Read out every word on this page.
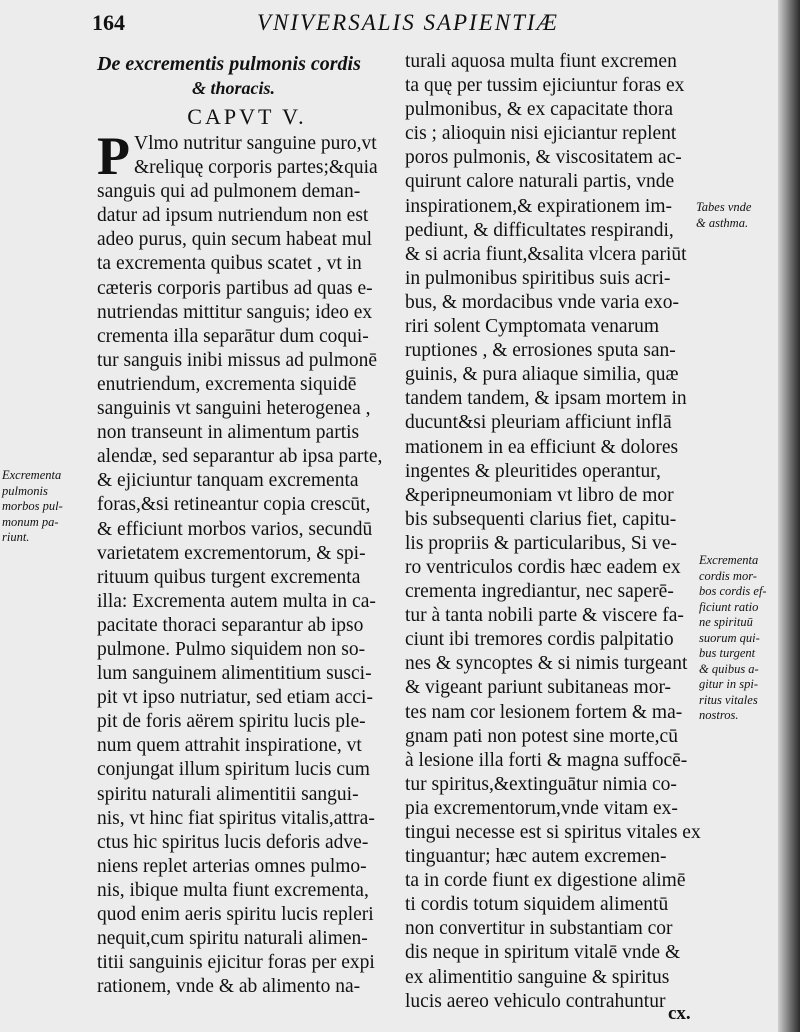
164	VNIVERSALIS SAPIENTIÆ
De excrementis pulmonis cordis
& thoracis.
CAPVT V.
P Vlmo nutritur sanguine puro,vt
&reliquę corporis partes;&quia
sanguis qui ad pulmonem deman-
datur ad ipsum nutriendum non est
adeo purus, quin secum habeat mul
ta excrementa quibus scatet , vt in
cæteris corporis partibus ad quas e-
nutriendas mittitur sanguis; ideo ex
crementa illa separātur dum coqui-
tur sanguis inibi missus ad pulmonē
enutriendum, excrementa siquidē
sanguinis vt sanguini heterogenea ,
non transeunt in alimentum partis
alendæ, sed separantur ab ipsa parte,
& ejiciuntur tanquam excrementa
foras,&si retineantur copia crescūt,
& efficiunt morbos varios, secundū
varietatem excrementorum, & spi-
rituum quibus turgent excrementa
illa: Excrementa autem multa in ca-
pacitate thoraci separantur ab ipso
pulmone. Pulmo siquidem non so-
lum sanguinem alimentitium susci-
pit vt ipso nutriatur, sed etiam acci-
pit de foris aërem spiritu lucis ple-
num quem attrahit inspiratione, vt
conjungat illum spiritum lucis cum
spiritu naturali alimentitii sangui-
nis, vt hinc fiat spiritus vitalis,attra-
ctus hic spiritus lucis deforis adve-
niens replet arterias omnes pulmo-
nis, ibique multa fiunt excrementa,
quod enim aeris spiritu lucis repleri
nequit,cum spiritu naturali alimen-
titii sanguinis ejicitur foras per expi
rationem, vnde & ab alimento na-
turali aquosa multa fiunt excremen
ta quę per tussim ejiciuntur foras ex
pulmonibus, & ex capacitate thora
cis ; alioquin nisi ejiciantur replent
poros pulmonis, & viscositatem ac-
quirunt calore naturali partis, vnde
inspirationem,& expirationem im-
pediunt, & difficultates respirandi,
& si acria fiunt,&salita vlcera pariūt
in pulmonibus spiritibus suis acri-
bus, & mordacibus vnde varia exo-
riri solent Cymptomata venarum
ruptiones , & errosiones sputa san-
guinis, & pura aliaque similia, quæ
tandem tandem, & ipsam mortem in
ducunt&si pleuriam afficiunt inflā
mationem in ea efficiunt & dolores
ingentes & pleuritides operantur,
&peripneumoniam vt libro de mor
bis subsequenti clarius fiet, capitu-
lis propriis & particularibus, Si ve-
ro ventriculos cordis hæc eadem ex
crementa ingrediantur, nec saperē-
tur à tanta nobili parte & viscere fa-
ciunt ibi tremores cordis palpitatio
nes & syncoptes & si nimis turgeant
& vigeant pariunt subitaneas mor-
tes nam cor lesionem fortem & ma-
gnam pati non potest sine morte,cū
à lesione illa forti & magna suffocē-
tur spiritus,&extinguātur nimia co-
pia excrementorum,vnde vitam ex-
tingui necesse est si spiritus vitales ex
tinguantur; hæc autem excremen-
ta in corde fiunt ex digestione alimē
ti cordis totum siquidem alimentū
non convertitur in substantiam cor
dis neque in spiritum vitalē vnde &
ex alimentitio sanguine & spiritus
lucis aereo vehiculo contrahuntur
Excrementa
pulmonis
morbos pul-
monum pa-
riunt.
Tabes vnde
& asthma.
Excrementa
cordis mor-
bos cordis ef-
ficiunt ratio
ne spirituū
suorum qui-
bus turgent
& quibus a-
gitur in spi-
ritus vitales
nostros.
cx.
